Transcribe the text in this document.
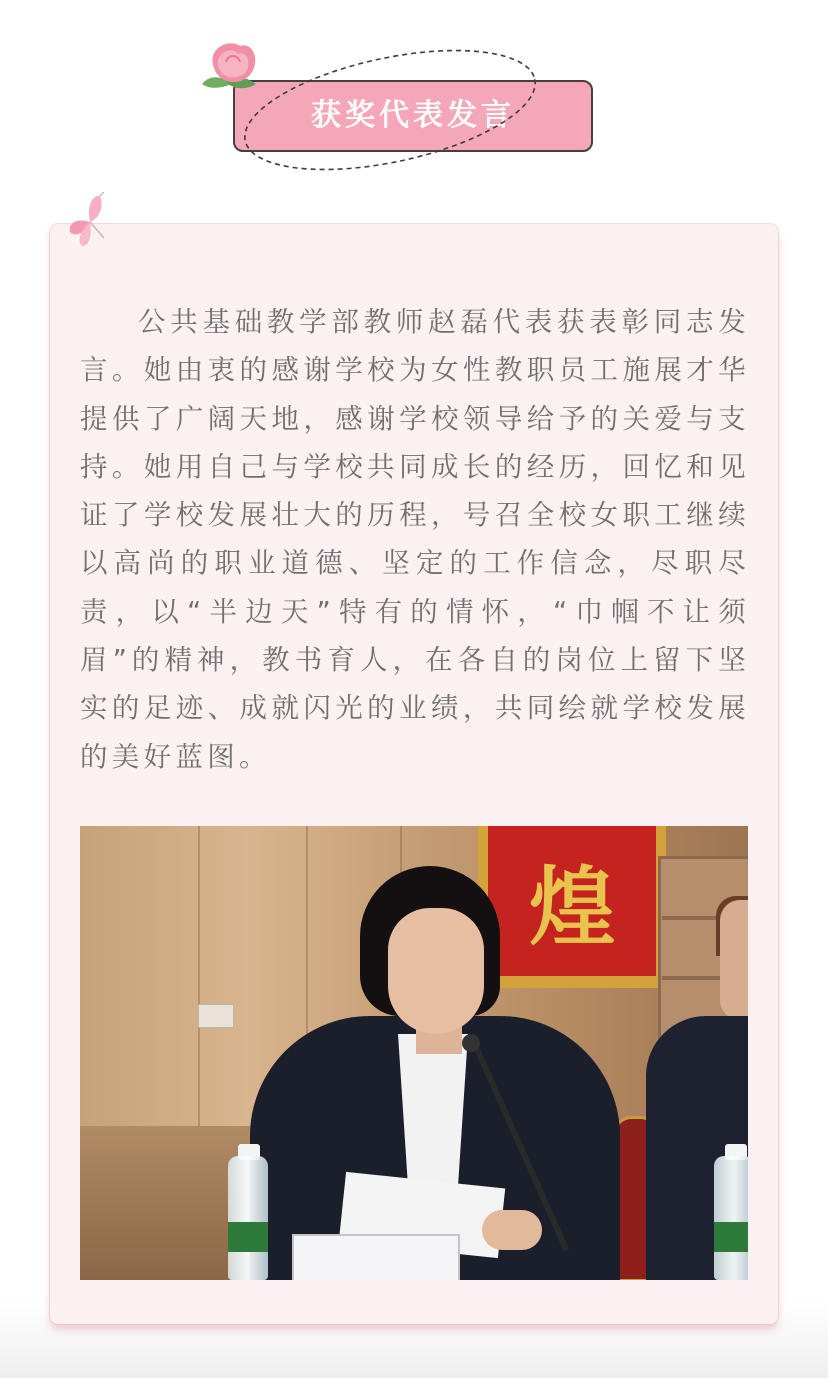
获奖代表发言

公共基础教学部教师赵磊代表获表彰同志发言。她由衷的感谢学校为女性教职员工施展才华提供了广阔天地，感谢学校领导给予的关爱与支持。她用自己与学校共同成长的经历，回忆和见证了学校发展壮大的历程，号召全校女职工继续以高尚的职业道德、坚定的工作信念，尽职尽责，以“半边天”特有的情怀，“巾帼不让须眉”的精神，教书育人，在各自的岗位上留下坚实的足迹、成就闪光的业绩，共同绘就学校发展的美好蓝图。

煌
